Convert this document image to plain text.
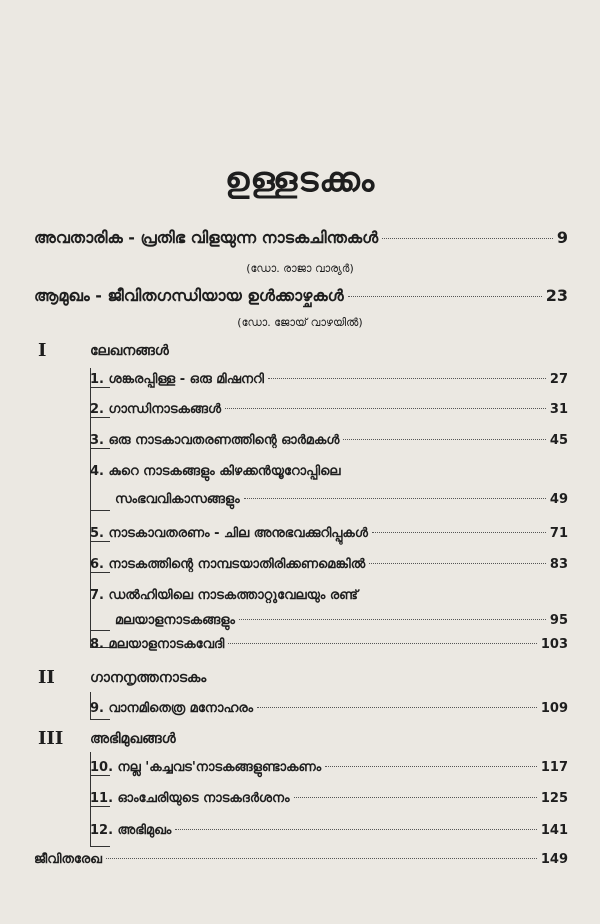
ഉള്ളടക്കം
അവതാരിക - പ്രതിഭ വിളയുന്ന നാടകചിന്തകൾ	9
(ഡോ. രാജാ വാര്യർ)
ആമുഖം - ജീവിതഗന്ധിയായ ഉൾക്കാഴ്ചകൾ	23
(ഡോ. ജോയ് വാഴയിൽ)
I	ലേഖനങ്ങൾ
1. ശങ്കരപ്പിള്ള - ഒരു മിഷനറി	27
2. ഗാന്ധിനാടകങ്ങൾ	31
3. ഒരു നാടകാവതരണത്തിന്റെ ഓർമകൾ	45
4. കുറെ നാടകങ്ങളും കിഴക്കൻയൂറോപ്പിലെ
സംഭവവികാസങ്ങളും	49
5. നാടകാവതരണം - ചില അനുഭവക്കുറിപ്പുകൾ	71
6. നാടകത്തിന്റെ നാമ്പടയാതിരിക്കണമെങ്കിൽ	83
7. ഡൽഹിയിലെ നാടകത്താറ്റുവേലയും രണ്ട്
മലയാളനാടകങ്ങളും	95
8. മലയാളനാടകവേദി	103
II	ഗാനനൃത്തനാടകം
9. വാനമിതെത്ര മനോഹരം	109
III അഭിമുഖങ്ങൾ
10. നല്ല 'കച്ചവട'നാടകങ്ങളുണ്ടാകണം	117
11. ഓംചേരിയുടെ നാടകദർശനം	125
12. അഭിമുഖം	141
ജീവിതരേഖ	149
